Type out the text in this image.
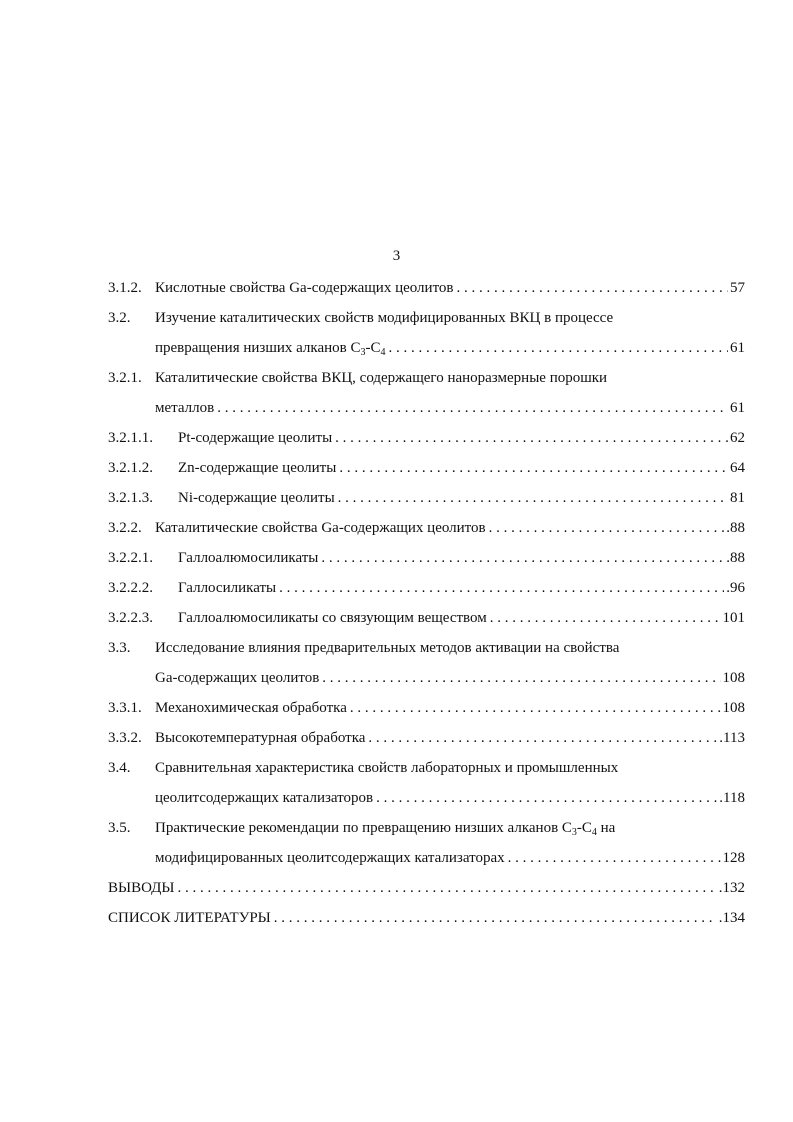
3
3.1.2. Кислотные свойства Ga-содержащих цеолитов . . .	57
3.2. Изучение каталитических свойств модифицированных ВКЦ в процессе
превращения низших алканов $C_3-C_4$ . . .	61
3.2.1. Каталитические свойства ВКЦ, содержащего наноразмерные порошки
металлов . . .	61
3.2.1.1. Pt-содержащие цеолиты . . .	62
3.2.1.2. Zn-содержащие цеолиты . . .	64
3.2.1.3. Ni-содержащие цеолиты . . .	81
3.2.2. Каталитические свойства Ga-содержащих цеолитов . . .	.88
3.2.2.1. Галлоалюмосиликаты . . .	.88
3.2.2.2. Галлосиликаты . . .	.96
3.2.2.3. Галлоалюмосиликаты со связующим веществом . . .	101
3.3. Исследование влияния предварительных методов активации на свойства
Ga-содержащих цеолитов . . .	108
3.3.1. Механохимическая обработка . . .	108
3.3.2. Высокотемпературная обработка . . .	.113
3.4. Сравнительная характеристика свойств лабораторных и промышленных
цеолитсодержащих катализаторов . . .	.118
3.5. Практические рекомендации по превращению низших алканов $C_3-C_4$ на
модифицированных цеолитсодержащих катализаторах . . .	128
ВЫВОДЫ . . .	.132
СПИСОК ЛИТЕРАТУРЫ . . .	.134
